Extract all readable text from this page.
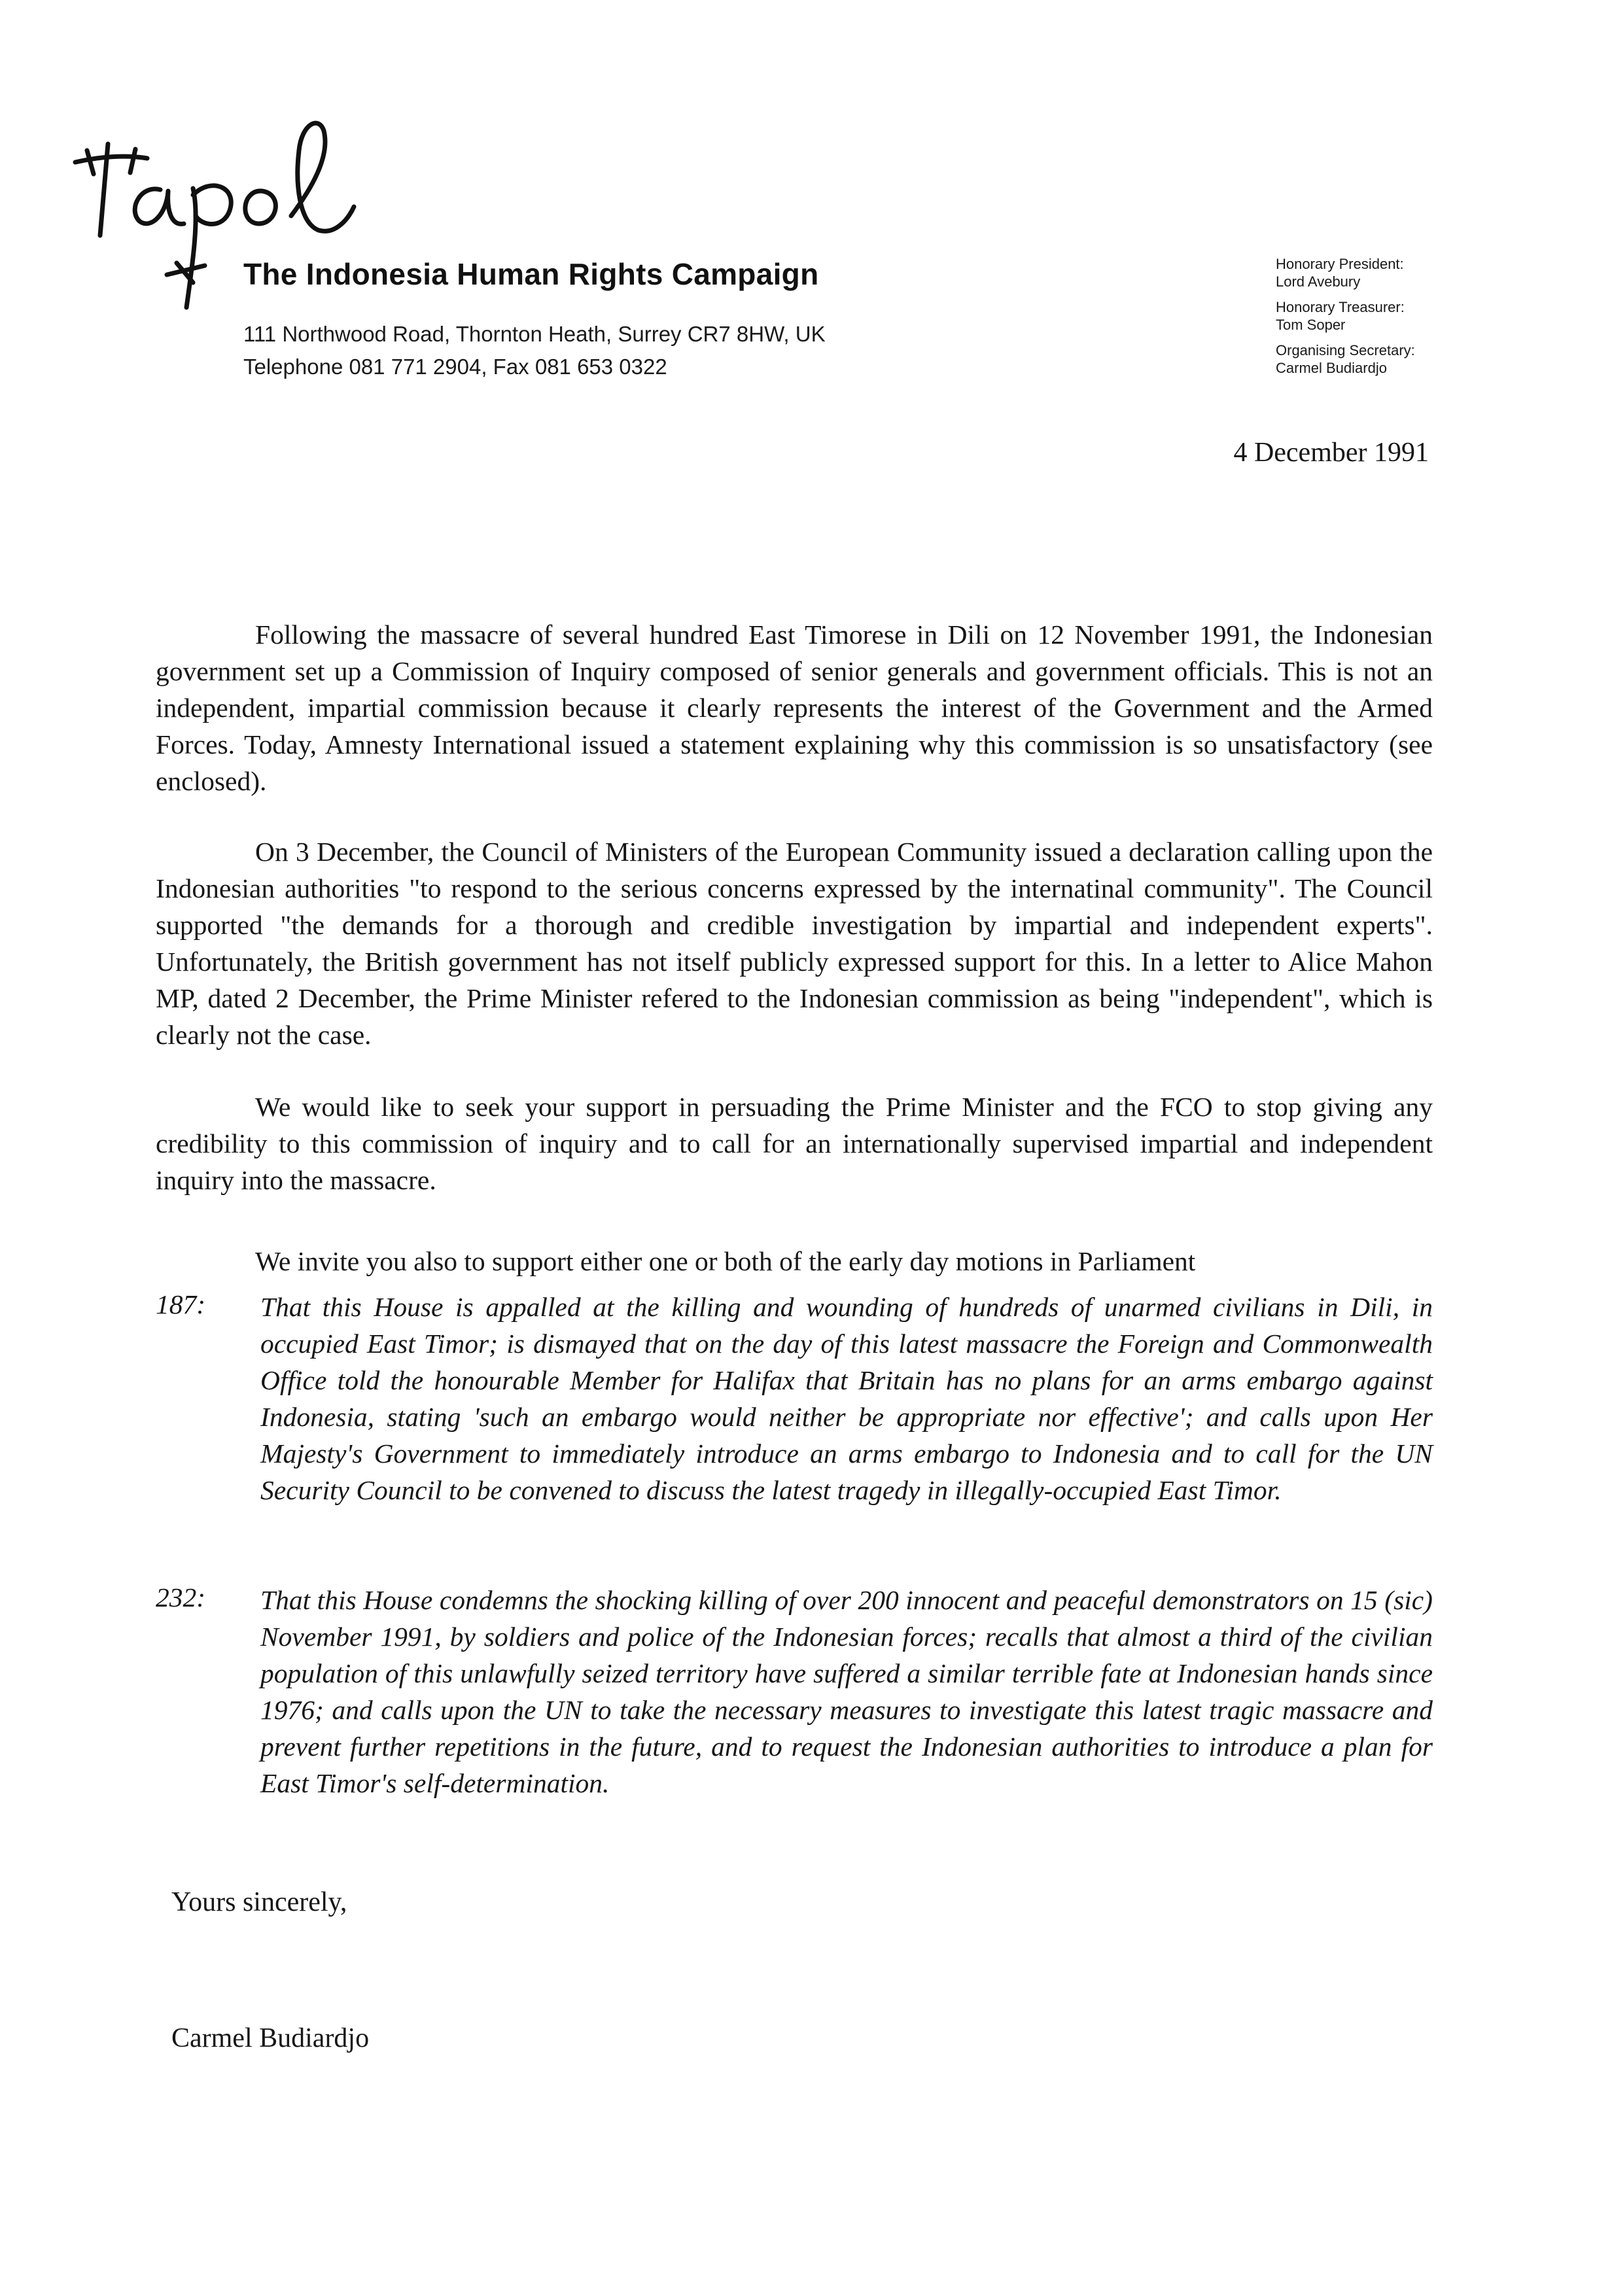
The Indonesia Human Rights Campaign
111 Northwood Road, Thornton Heath, Surrey CR7 8HW, UK
Telephone 081 771 2904, Fax 081 653 0322
Honorary President:
Lord Avebury
Honorary Treasurer:
Tom Soper
Organising Secretary:
Carmel Budiardjo
4 December 1991

Following the massacre of several hundred East Timorese in Dili on 12 November 1991, the Indonesian government set up a Commission of Inquiry composed of senior generals and government officials. This is not an independent, impartial commission because it clearly represents the interest of the Government and the Armed Forces. Today, Amnesty International issued a statement explaining why this commission is so unsatisfactory (see enclosed).

On 3 December, the Council of Ministers of the European Community issued a declaration calling upon the Indonesian authorities "to respond to the serious concerns expressed by the internatinal community". The Council supported "the demands for a thorough and credible investigation by impartial and independent experts". Unfortunately, the British government has not itself publicly expressed support for this. In a letter to Alice Mahon MP, dated 2 December, the Prime Minister refered to the Indonesian commission as being "independent", which is clearly not the case.

We would like to seek your support in persuading the Prime Minister and the FCO to stop giving any credibility to this commission of inquiry and to call for an internationally supervised impartial and independent inquiry into the massacre.

We invite you also to support either one or both of the early day motions in Parliament

187: That this House is appalled at the killing and wounding of hundreds of unarmed civilians in Dili, in occupied East Timor; is dismayed that on the day of this latest massacre the Foreign and Commonwealth Office told the honourable Member for Halifax that Britain has no plans for an arms embargo against Indonesia, stating 'such an embargo would neither be appropriate nor effective'; and calls upon Her Majesty's Government to immediately introduce an arms embargo to Indonesia and to call for the UN Security Council to be convened to discuss the latest tragedy in illegally-occupied East Timor.
232: That this House condemns the shocking killing of over 200 innocent and peaceful demonstrators on 15 (sic) November 1991, by soldiers and police of the Indonesian forces; recalls that almost a third of the civilian population of this unlawfully seized territory have suffered a similar terrible fate at Indonesian hands since 1976; and calls upon the UN to take the necessary measures to investigate this latest tragic massacre and prevent further repetitions in the future, and to request the Indonesian authorities to introduce a plan for East Timor's self-determination.
Yours sincerely,
Carmel Budiardjo
